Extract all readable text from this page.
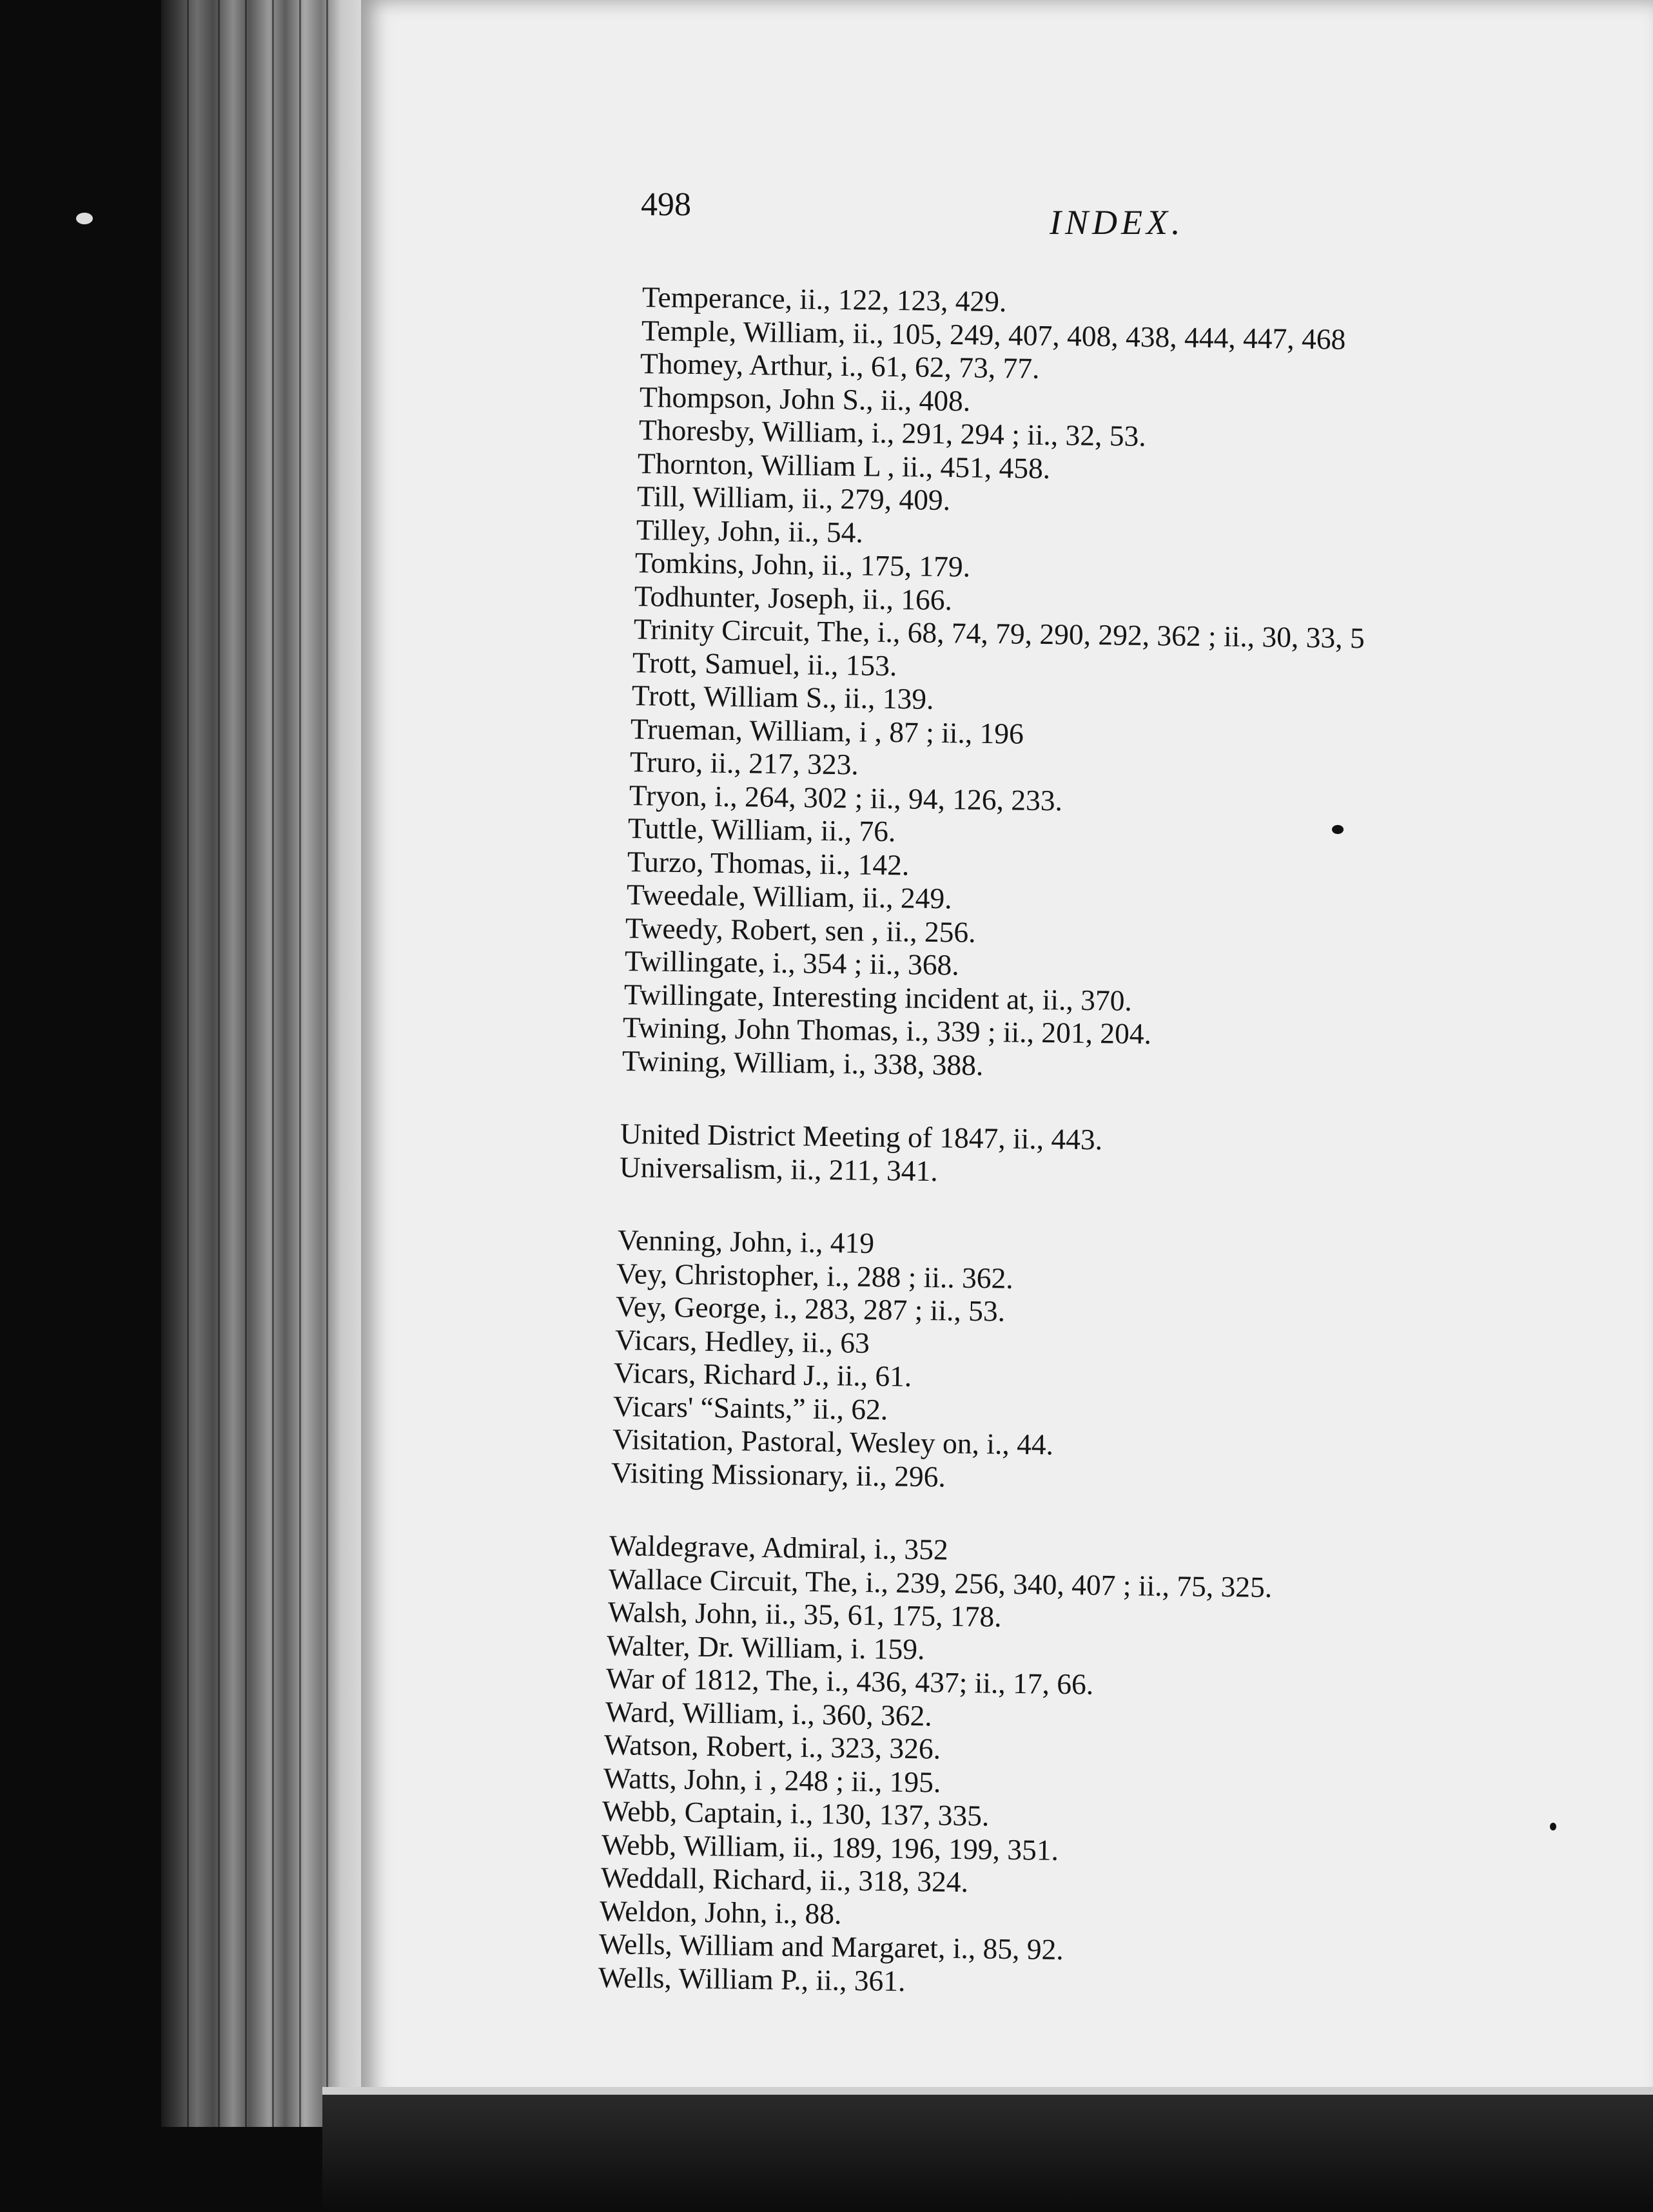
498	INDEX.
Temperance, ii., 122, 123, 429.
Temple, William, ii., 105, 249, 407, 408, 438, 444, 447, 468
Thomey, Arthur, i., 61, 62, 73, 77.
Thompson, John S., ii., 408.
Thoresby, William, i., 291, 294 ; ii., 32, 53.
Thornton, William L , ii., 451, 458.
Till, William, ii., 279, 409.
Tilley, John, ii., 54.
Tomkins, John, ii., 175, 179.
Todhunter, Joseph, ii., 166.
Trinity Circuit, The, i., 68, 74, 79, 290, 292, 362 ; ii., 30, 33, 5
Trott, Samuel, ii., 153.
Trott, William S., ii., 139.
Trueman, William, i , 87 ; ii., 196
Truro, ii., 217, 323.
Tryon, i., 264, 302 ; ii., 94, 126, 233.
Tuttle, William, ii., 76.
Turzo, Thomas, ii., 142.
Tweedale, William, ii., 249.
Tweedy, Robert, sen , ii., 256.
Twillingate, i., 354 ; ii., 368.
Twillingate, Interesting incident at, ii., 370.
Twining, John Thomas, i., 339 ; ii., 201, 204.
Twining, William, i., 338, 388.
United District Meeting of 1847, ii., 443.
Universalism, ii., 211, 341.
Venning, John, i., 419
Vey, Christopher, i., 288 ; ii.. 362.
Vey, George, i., 283, 287 ; ii., 53.
Vicars, Hedley, ii., 63
Vicars, Richard J., ii., 61.
Vicars' “Saints,” ii., 62.
Visitation, Pastoral, Wesley on, i., 44.
Visiting Missionary, ii., 296.
Waldegrave, Admiral, i., 352
Wallace Circuit, The, i., 239, 256, 340, 407 ; ii., 75, 325.
Walsh, John, ii., 35, 61, 175, 178.
Walter, Dr. William, i. 159.
War of 1812, The, i., 436, 437; ii., 17, 66.
Ward, William, i., 360, 362.
Watson, Robert, i., 323, 326.
Watts, John, i , 248 ; ii., 195.
Webb, Captain, i., 130, 137, 335.
Webb, William, ii., 189, 196, 199, 351.
Weddall, Richard, ii., 318, 324.
Weldon, John, i., 88.
Wells, William and Margaret, i., 85, 92.
Wells, William P., ii., 361.
